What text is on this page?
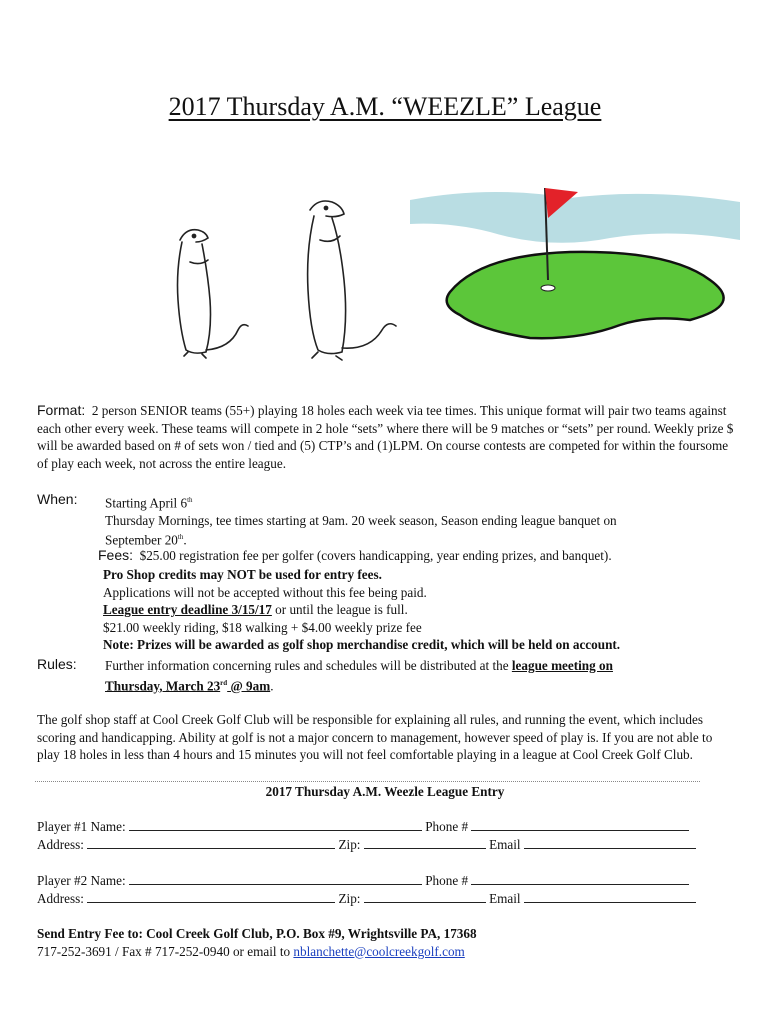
2017 Thursday A.M. “WEEZLE” League
Format: 2 person SENIOR teams (55+) playing 18 holes each week via tee times. This unique format will pair two teams against each other every week. These teams will compete in 2 hole “sets” where there will be 9 matches or “sets” per round. Weekly prize $ will be awarded based on # of sets won / tied and (5) CTP’s and (1)LPM. On course contests are competed for within the foursome of play each week, not across the entire league.
When: Starting April 6th
Thursday Mornings, tee times starting at 9am. 20 week season, Season ending league banquet on
September 20th.
Fees: $25.00 registration fee per golfer (covers handicapping, year ending prizes, and banquet).
Pro Shop credits may NOT be used for entry fees.
Applications will not be accepted without this fee being paid.
League entry deadline 3/15/17 or until the league is full.
$21.00 weekly riding, $18 walking + $4.00 weekly prize fee
Note: Prizes will be awarded as golf shop merchandise credit, which will be held on account.
Rules: Further information concerning rules and schedules will be distributed at the league meeting on
Thursday, March 23rd @ 9am.
The golf shop staff at Cool Creek Golf Club will be responsible for explaining all rules, and running the event, which includes scoring and handicapping. Ability at golf is not a major concern to management, however speed of play is. If you are not able to play 18 holes in less than 4 hours and 15 minutes you will not feel comfortable playing in a league at Cool Creek Golf Club.
2017 Thursday A.M. Weezle League Entry
Player #1 Name:	Phone #
Address:	Zip:	Email
Player #2 Name:	Phone #
Address:	Zip:	Email
Send Entry Fee to: Cool Creek Golf Club, P.O. Box #9, Wrightsville PA, 17368
717-252-3691 / Fax # 717-252-0940 or email to nblanchette@coolcreekgolf.com
